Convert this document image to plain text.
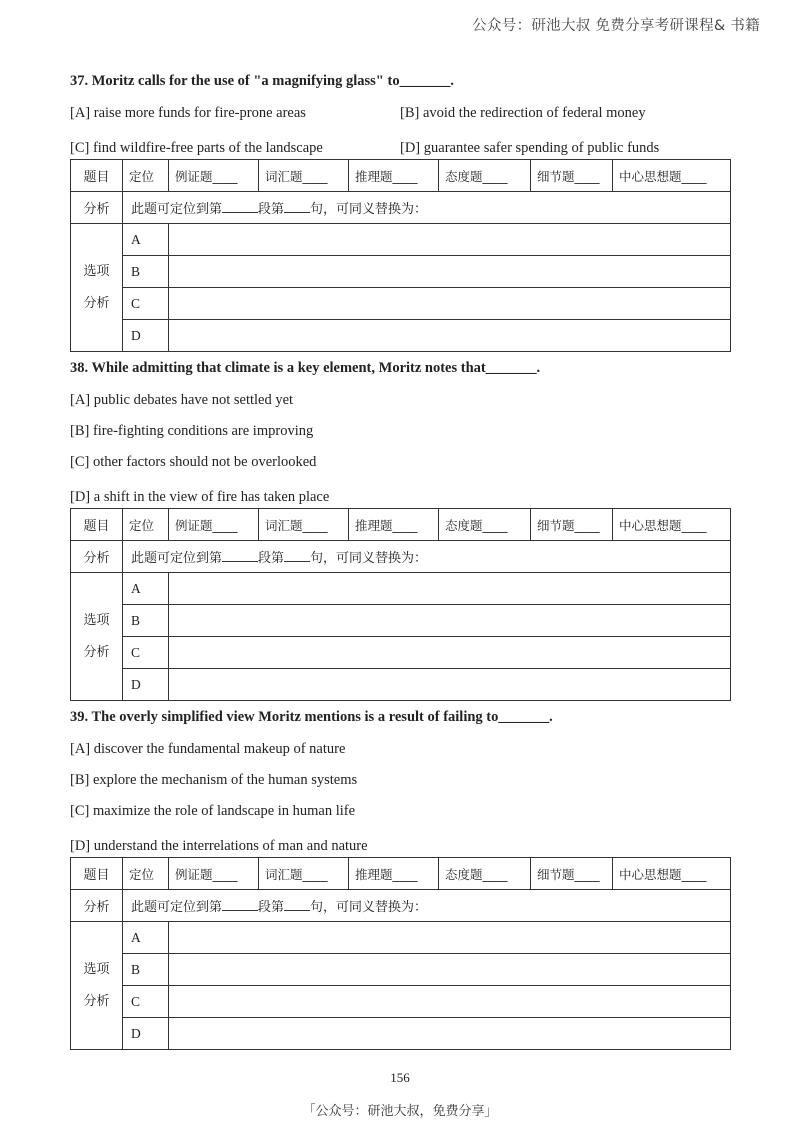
公众号：研池大叔 免费分享考研课程& 书籍
37. Moritz calls for the use of "a magnifying glass" to_______.
[A] raise more funds for fire-prone areas	[B] avoid the redirection of federal money
[C] find wildfire-free parts of the landscape	[D] guarantee safer spending of public funds
题目	定位	例证题____	词汇题____	推理题____	态度题____	细节题____	中心思想题____
分析	此题可定位到第 段第 句，可同义替换为：						

选项
分析	A						
	B						
	C						
	D						
38. While admitting that climate is a key element, Moritz notes that_______.
[A] public debates have not settled yet
[B] fire-fighting conditions are improving
[C] other factors should not be overlooked
[D] a shift in the view of fire has taken place
题目	定位	例证题____	词汇题____	推理题____	态度题____	细节题____	中心思想题____
分析	此题可定位到第 段第 句，可同义替换为：						

选项
分析	A						
	B						
	C						
	D						
39. The overly simplified view Moritz mentions is a result of failing to_______.
[A] discover the fundamental makeup of nature
[B] explore the mechanism of the human systems
[C] maximize the role of landscape in human life
[D] understand the interrelations of man and nature
题目	定位	例证题____	词汇题____	推理题____	态度题____	细节题____	中心思想题____
分析	此题可定位到第 段第 句，可同义替换为：						

选项
分析	A						
	B						
	C						
	D						
156
「公众号：研池大叔，免费分享」
